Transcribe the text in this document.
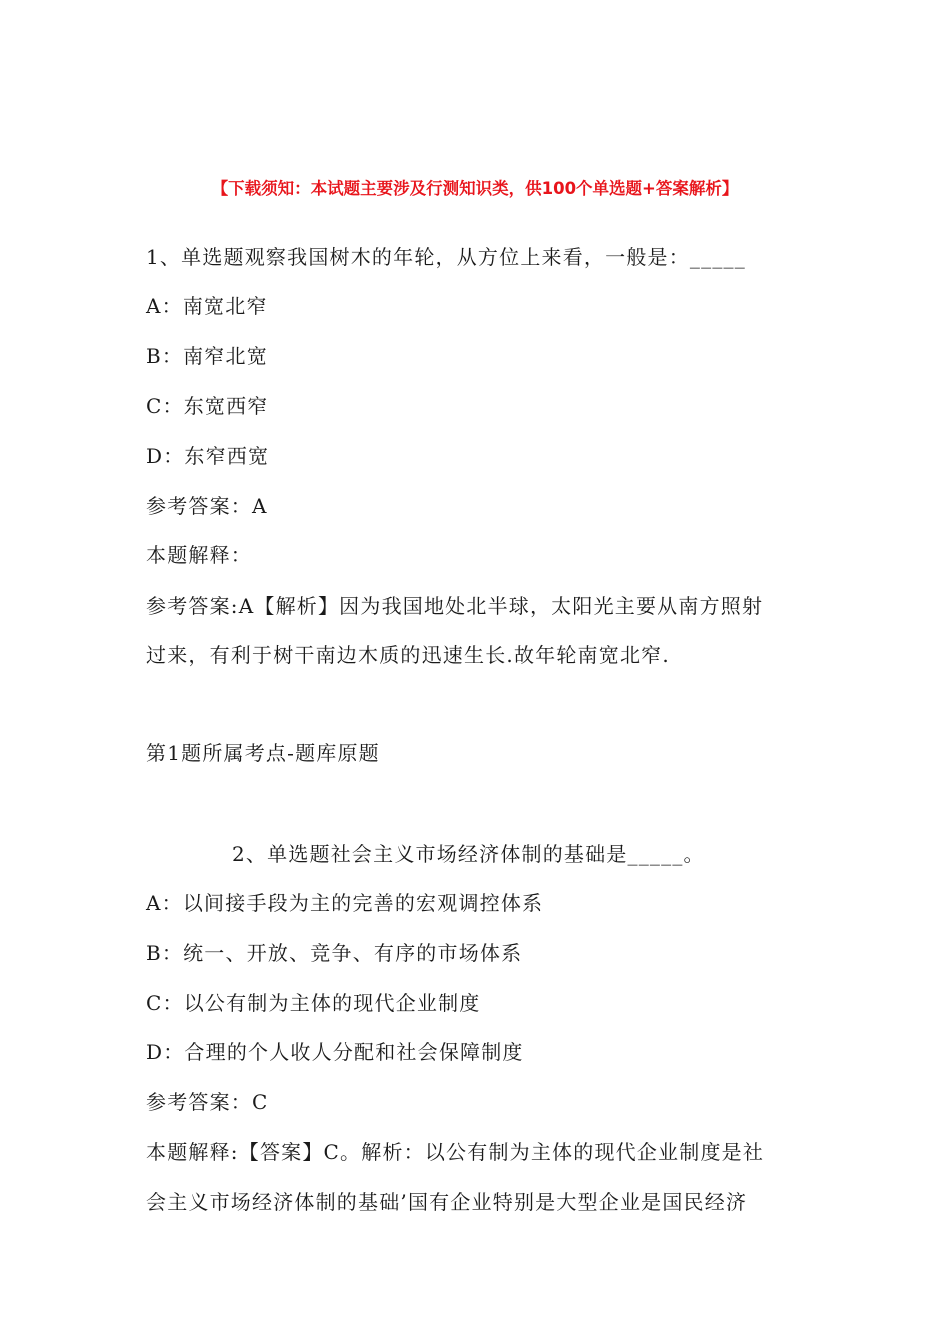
【下载须知：本试题主要涉及行测知识类，供100个单选题+答案解析】
1、单选题观察我国树木的年轮，从方位上来看，一般是：_____
A：南宽北窄
B：南窄北宽
C：东宽西窄
D：东窄西宽
参考答案：A
本题解释：
参考答案:A【解析】因为我国地处北半球，太阳光主要从南方照射
过来，有利于树干南边木质的迅速生长.故年轮南宽北窄.
第1题所属考点-题库原题
2、单选题社会主义市场经济体制的基础是_____。
A：以间接手段为主的完善的宏观调控体系
B：统一、开放、竞争、有序的市场体系
C：以公有制为主体的现代企业制度
D：合理的个人收人分配和社会保障制度
参考答案：C
本题解释:【答案】C。解析：以公有制为主体的现代企业制度是社
会主义市场经济体制的基础’国有企业特别是大型企业是国民经济
